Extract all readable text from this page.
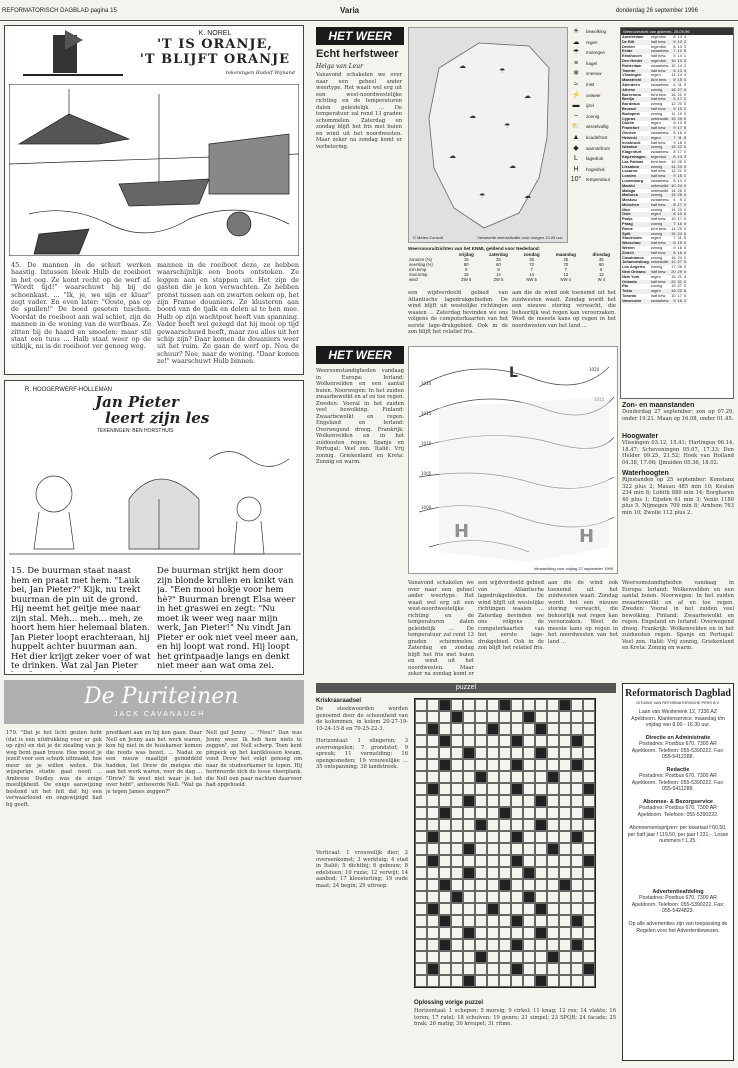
REFORMATORISCH DAGBLAD pagina 15	Varia	donderdag 26 september 1996
K. NOREL
'T IS ORANJE,
'T BLIJFT ORANJE
tekeningen Rudolf Wijnand
45. De mannen in de schuit werken haastig. Intussen bleek Hulb de roeiboot in het oog. Ze komt recht op de werf af. "Wordt tijd!" waarschuwt hij bij de schoenkast. ... "Ik, je, we sijn er kluar" zegt vader. En even later: "Ooste, pas op de spullen!" De boed gesoten tuschen. Voordat de roeiboot aan wal schiet, zijn de mannen in de woning van de werfbaas. Ze zitten bij de haard en smoelen: maar stil staat een tuus ... Halb staat weer op de uitkijk, nu is de roeiboot ver genoeg weg.
mannen in de roeiboot deze, ze hebben waarschijnlijk een boots ontstoken. Ze leggen aan en stappen uit. Het zijn de gasten die je kon verwachten. Ze hebben pronst tussen aan en zwarten oeken op, het zijn Franse douaniers. Ze klusteren aan boord van de tjalk en delen al te hen mee. Hulb op zijn wachtpost heeft van spanning. Vader heeft wel gezegd dat hij mooi op tijd gewaarschuwd heeft, maar zou alles uit het schip zijn? Daar komen de douaniers weer uit het ruim. Ze gaan de werf op. Nou de schuur? Nee, naar de woning. "Daar komen ze!" waarschuwt Hulb binnen.
R. HOOGERWERF-HOLLEMAN
Jan Pieter
leert zijn les
TEKENINGEN: BEN HORSTHUIS
15. De buurman staat naast hem en praat met hem. "Lauk bei, Jan Pieter?" Kijk, nu trekt buurman de pin uit de grond. Hij neemt het geitje mee naar zijn stal. Meh... meh... meh, ze hoort hem hier helemaal blaten. Jan Pieter loopt erachteraan, hij huppelt achter buurman aan. Het dier krijgt zeker voer of wat te drinken. Wat zal Jan Pieter
De buurman strijkt hem door zijn blonde krullen en knikt van ja. "Een mooi hokje voor hem hè?" Buurman brengt Elsa weer in het graswei en zegt: "Nu moet ik weer weg naar mijn werk, Jan Pieter!" Nu vindt Jan Pieter er ook niet veel meer aan, en hij loopt wat rond. Hij loopt het grintpaadje langs en denkt niet meer aan wat oma zei.
De Puriteinen
JACK CAVANAUGH
179. "Dat je het licht gezien hebt (dat is een uitdrukking voor er gek op zijn) en dat je de ziealing van je weg bent gaan trouw. Hoe moest je jezelf voor een schurk uitmaakt, hoe meer ze je willen weten. Die wijsgerige studie gaat nooit ... Ambrose Dudley was de enige moeilijkheid. De enige aanwijzing bestond uit het feit dat hij een verwaarloosd en ongewijzigd had bij geeft.
predikant aan en hij kon gaan. Daar Nell en Jenny aan het werk waren, kon hij niet in de huiskamer komen die reeds was bezet. ... Nadat ze een nieuw maaltijd gemiddeld hadden, liet Drew de meisjes die aan het werk waren, voor de dag ... "Drew? Ik weet niet waar je het over hebt", antwoorde Nell. "Wat ga je tegen James zeggen?"
Nell gaf Jenny ... "Nou!" Dan was Jenny weer. Ik heb hem niets te zeggen", zei Nell scherp. Toen kent pinpeck op het kantklossen kwam, vond Drew het volgt genoeg om naar de studeerkamer te lopen. Hij herinnerde zich de losse vloerplank, die Nell een paar nachten daarvoor had opgehoeld.
HET WEER
Echt herfstweer
Helga van Leur
Vanavond schakelen we over naar een geheel ander weertype. Het waait wel erg uit een west-noordwestelijke richting en de temperaturen dalen geleidelijk ... De temperatuur zal rond 13 graden schommelen. Zaterdag en zondag blijft het fris met buien en wind uit het noordwesten. Maar zeker na zondag komt er verbetering.
☁
☂
☁
☁
☂
☁
☁
☂	☁
© Meteo Consult	Verwachte weerssituatie voor morgen 13.00 uur.
☀	bewolking
☁	regen
☂	motregen
≡	hagel
❄	sneeuw
≈	mist
⚡	onweer
▬	ijzel
~	zonnig
⛅	wisselvallig
▲	koudefront
◆	warmtefront
L	lagedruk
H	hogedruk
10° temperatuur
Weeroverzicht van gisteren, 25-09-96
Amsterdam	regenbui	8	14	4
De Bilt	half bew.	9	13	2
Deelen	regenbui	8	13	3
Eelde	zwaarbew.	7	12	6
Eindhoven	half bew.	9	14	1
Den Helder	regenbui	10	13	5
Rotterdam	zwaarbew.	10	14	2
Twente	half bew.	8	13	4
Vlissingen	regen	11	14	3
Maastricht	licht bew.	9	15	0
Aberdeen	zwaarbew.	6	11	9
Athene	zonnig	18	27	0
Barcelona	licht bew.	16	22	0
Berlijn	half bew.	9	17	1
Bordeaux	zonnig	12	20	0
Brussel	half bew.	9	15	2
Budapest	zonnig	11	19	0
Cyprus	onbewolkt	19	29	0
Dublin	regen	8	13	5
Frankfurt	half bew.	9	17	0
Genève	zwaarbew.	8	16	0
Helsinki	regen	7	11	8
Innsbruck	half bew.	9	18	0
Istanbul	zonnig	15	22	0
Klagenfurt	zwaarbew.	8	17	0
Kopenhagen	regenbui	8	13	3
Las Palmas	licht bew.	19	25	0
Lissabon	zonnig	14	23	0
Locarno	half bew.	12	21	0
Londen	half bew.	9	15	1
Luxemburg	zwaarbew.	8	14	2
Madrid	onbewolkt	10	24	0
Malaga	onbewolkt	14	26	0
Mallorca	zonnig	15	25	0
Moskou	zwaarbew.	4	9	2
München	half bew.	8	17	0
Nice	zonnig	14	23	0
Oslo	regen	6	10	6
Parijs	half bew.	10	17	0
Praag	zonnig	7	16	0
Rome	licht bew.	14	25	0
Split	zonnig	15	24	0
Stockholm	regen	7	11	5
Warschau	half bew.	6	15	0
Wenen	zonnig	9	18	0
Zürich	half bew.	8	16	0
Casablanca	zonnig	16	24	0
Johannesburg	onbewolkt	12	27	0
Los Angeles	zonnig	17	26	0
New Orleans	half bew.	20	29	0
New York	regen	15	21	4
Orlando	half bew.	22	31	0
Rio	zonnig	19	27	0
Tokio	regen	16	22	6
Toronto	half bew.	10	17	0
Vancouver	zwaarbew.	9	16	2
Weersvooruitzichten van het KNMI, geldend voor Nederland:
	vrijdag	zaterdag	zondag	maandag	dinsdag
zonuren (%)	15	25	35	25	35
neerslag (%)	80	60	70	70	60
min.temp.	9	8	7	7	6
max.temp.	15	14	14	13	13
wind	ZW 6	ZW 5	NW 5	NW 4	W 4
een wijdverdeeld gebied van Atlantische lagedrukgebieden. De wind blijft uit westelijke richtingen waaien ... Zaterdag bevinden we ons volgens de computerkaarten van het eerste lage-drukgebied. Ook in de zon blijft het relatief fris.
aan die de wind ook toenemd uit het zuidwesten waait. Zondag wordt het een nieuwe storing verwacht, die behoorlijk wat regen kan veroorzaken. Weet de meeste kans op regen in het noordwesten van het land ...
HET WEER
Weersomstandigheden vandaag in Europa: Ierland: Wolkenvelden en een aantal buien. Noorwegen: In het zuiden zwaarbewolkt en af en toe regen. Zweden: Vooral in het zuiden veel bewolking. Finland: Zwaarbewolkt en regen. Engeland en Ierland: Overwegend droog. Frankrijk: Wolkenvelden en in het zuidoosten regen. Spanje en Portugal: Veel zon. Italië: Vrij zonnig. Griekenland en Kreta: Zonnig en warm.
1020
1015
1010
1005
1000
1020
L
Verwachting voor vrijdag 27 september 1996
Vanavond schakelen we over naar een geheel ander weertype. Het waait wel erg uit een west-noordwestelijke richting en de temperaturen dalen geleidelijk ... De temperatuur zal rond 13 graden schommelen. Zaterdag en zondag blijft het fris met buien en wind uit het noordwesten. Maar zeker na zondag komt er
een wijdverdeeld gebied van Atlantische lagedrukgebieden. De wind blijft uit westelijke richtingen waaien ... Zaterdag bevinden we ons volgens de computerkaarten van het eerste lage-drukgebied. Ook in de zon blijft het relatief fris.
aan die de wind ook toenemd uit het zuidwesten waait. Zondag wordt het een nieuwe storing verwacht, die behoorlijk wat regen kan veroorzaken. Weet de meeste kans op regen in het noordwesten van het land ...
Weersomstandigheden vandaag in Europa: Ierland: Wolkenvelden en een aantal buien. Noorwegen: In het zuiden zwaarbewolkt en af en toe regen. Zweden: Vooral in het zuiden veel bewolking. Finland: Zwaarbewolkt en regen. Engeland en Ierland: Overwegend droog. Frankrijk: Wolkenvelden en in het zuidoosten regen. Spanje en Portugal: Veel zon. Italië: Vrij zonnig. Griekenland en Kreta: Zonnig en warm.
Zon- en maanstanden
Donderdag 27 september: zon op 07.29, onder 19.21. Maan op 16.08, onder 01.45.
Hoogwater
Vlissingen 03.12, 15.41; Harlingen 06.14, 18.47; Scheveningen 05.07, 17.33; Den Helder 09.25, 21.52; Hoek van Holland 04.38, 17.06; IJmuiden 05.36, 18.02.
Waterhoogten
Rijnstanden op 25 september: Konstanz 322 plus 2; Maxau 485 min 10; Keulen 234 min 8; Lobith 880 min 14; Borgharen 40 plus 1; Eijsden 61 min 3; Venlo 1180 plus 5. Nijmegen 709 min 8; Arnhem 763 min 10; Zwolle 112 plus 2.
puzzel
Kriskrasraadsel
De steekwoorden worden genoemd door de schoonheid van de kolommen, in kolom 20-27-19-10-24-15-8 en 70-25-22-3.
Horizontaal: 1 slingeren; 3 overrompelen; 7 grondstof; 9 spreuk; 11 vermelding; 16 opengesneden; 19 vrouwelijke ... 35 ontspanning; 38 landstreek.
Verticaal: 1 vrouwelijk dier; 2 overeenkomst; 3 werktuig; 4 stad in Italië; 5 dichtbij; 6 gebouw; 8 edelsteen; 10 ruzie; 12 verwijt; 14 aanbod; 17 kloosterling; 19 oude maat; 24 begin; 29 uitroep.
Oplossing vorige puzzel
Horizontaal: 1 schepen; 5 morsig; 9 cirkel; 11 knag; 12 ros; 14 vlakte; 16 toren; 17 ratel; 18 schuiven; 19 genre; 21 simpel; 23 SPQR; 24 facade; 25 brak; 26 matig; 30 kreupel; 31 ritme.
Reformatorisch Dagblad
UITGAVE VAN REFORMATORISCHE PERS B.V.
Laan van Westenenk 12, 7336 AZ Apeldoorn. Klantenservice: maandag t/m vrijdag van 8.00 - 16.30 uur.
Directie en Administratie
Postadres: Postbus 670, 7300 AR Apeldoorn. Telefoon: 055-5390222. Fax: 055-5412288.
Redactie
Postadres: Postbus 670, 7300 AR Apeldoorn. Telefoon: 055-5390222. Fax: 055-5411288.
Abonnee- & Bezorgservice
Postadres: Postbus 670, 7300 AR Apeldoorn. Telefoon: 055-5390222.
Abonnementsprijzen: per kwartaal f 60,50, per half jaar f 119,50, per jaar f 231,-. Losse nummers f 1,25.
Advertentieafdeling
Postadres: Postbus 670, 7300 AR Apeldoorn. Telefoon: 055-5390222. Fax: 055-5424823.
Op alle advertenties zijn van toepassing de Regelen voor het Advertentiewezen.
